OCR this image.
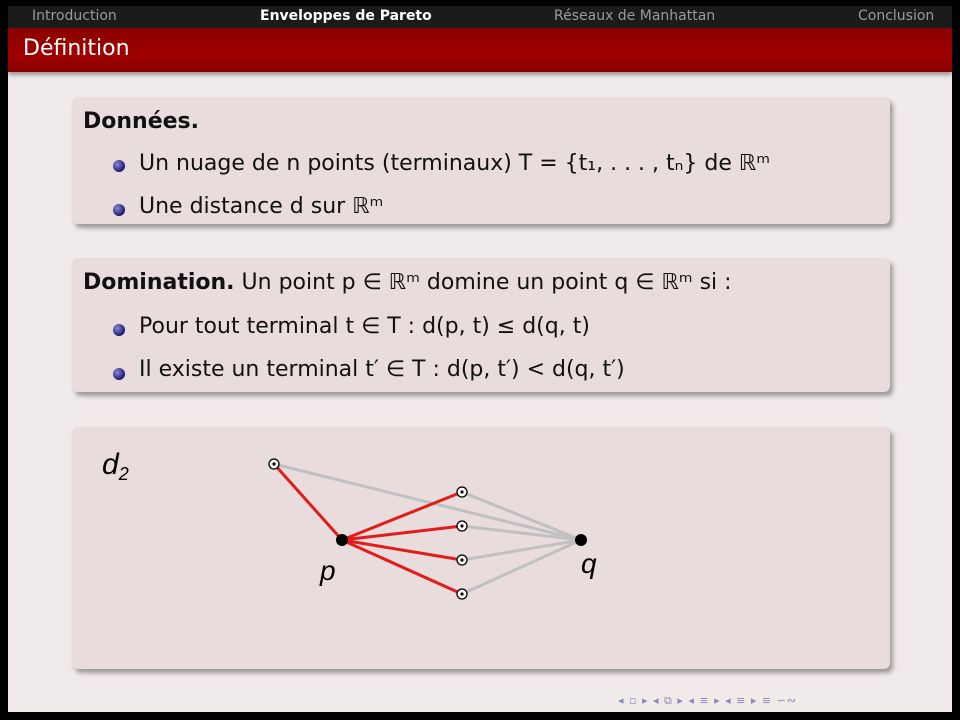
Introduction	Enveloppes de Pareto	Réseaux de Manhattan	Conclusion
Définition
Données.
Un nuage de n points (terminaux) T = {t₁, . . . , tₙ} de ℝᵐ
Une distance d sur ℝᵐ
Domination. Un point p ∈ ℝᵐ domine un point q ∈ ℝᵐ si :
Pour tout terminal t ∈ T : d(p, t) ≤ d(q, t)
Il existe un terminal t′ ∈ T : d(p, t′) < d(q, t′)
$d_2$
p	q
◂ ▫ ▸ ◂ ⧉ ▸ ◂ ≡ ▸ ◂ ≡ ▸ ≡ ∽∾
